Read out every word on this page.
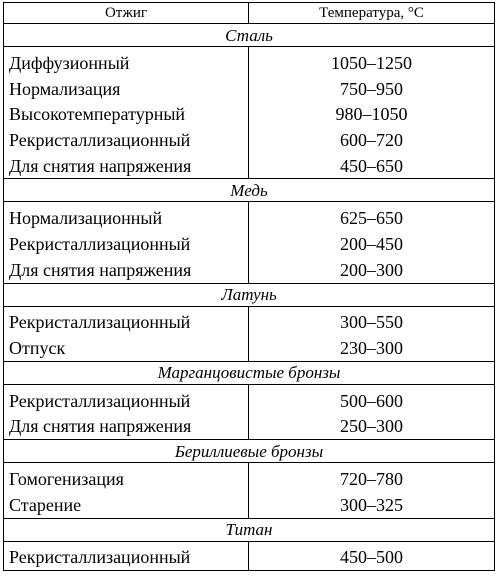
Отжиг	Температура, °С
Сталь	
Диффузионный	1050–1250
Нормализация	750–950
Высокотемпературный	980–1050
Рекристаллизационный	600–720
Для снятия напряжения	450–650
Медь	
Нормализационный	625–650
Рекристаллизационный	200–450
Для снятия напряжения	200–300
Латунь	
Рекристаллизационный	300–550
Отпуск	230–300
Марганцовистые бронзы	
Рекристаллизационный	500–600
Для снятия напряжения	250–300
Бериллиевые бронзы	
Гомогенизация	720–780
Старение	300–325
Титан	
Рекристаллизационный	450–500
